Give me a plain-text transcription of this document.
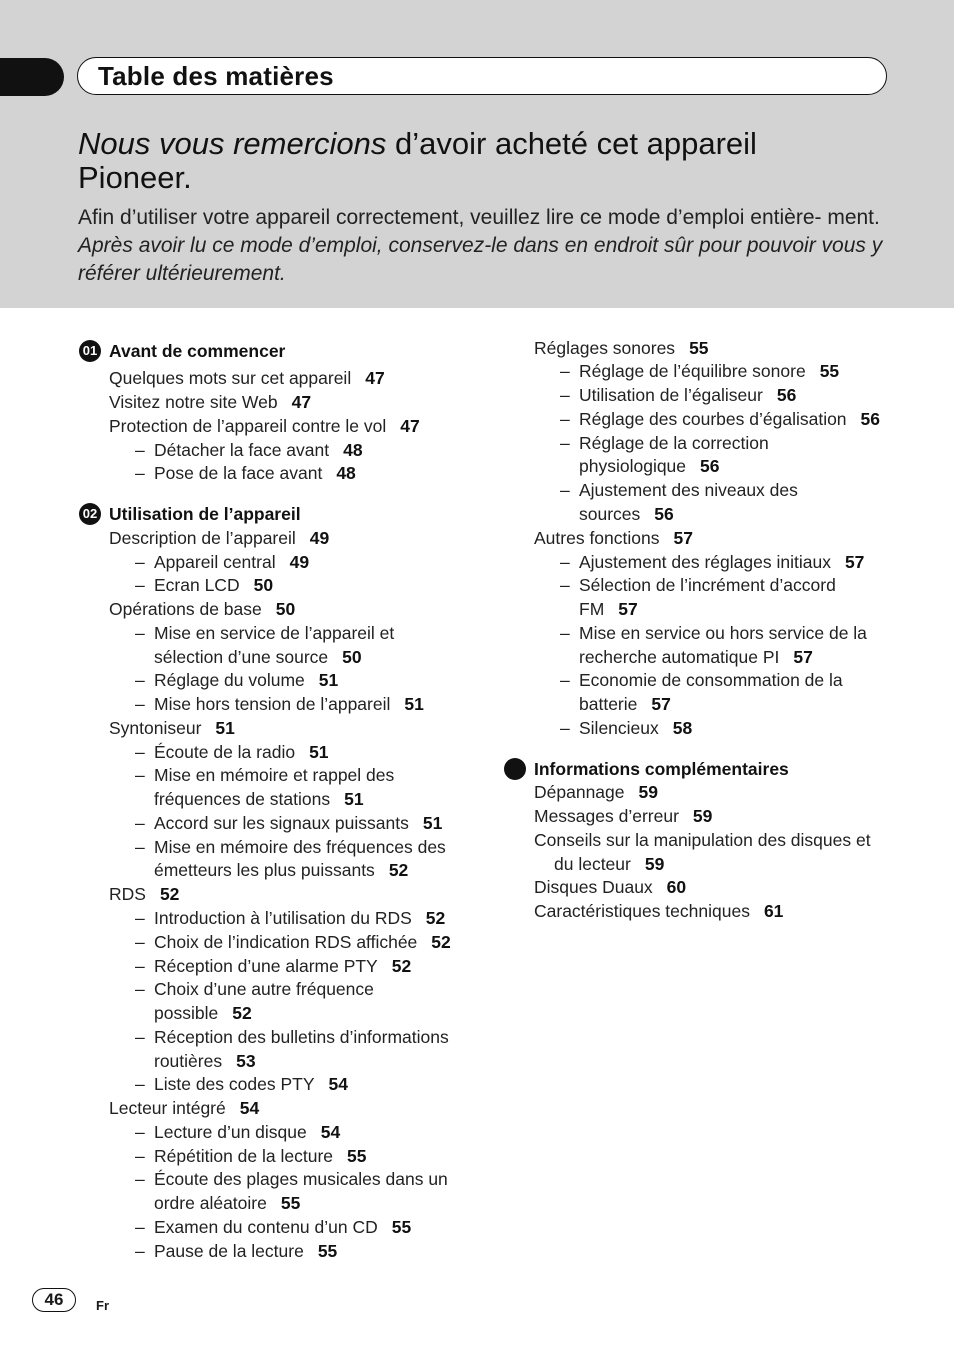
Table des matières
Nous vous remercions d’avoir acheté cet appareil
Pioneer.
Afin d’utiliser votre appareil correctement, veuillez lire ce mode d’emploi entière- ment. Après avoir lu ce mode d’emploi, conservez-le dans en endroit sûr pour pouvoir vous y référer ultérieurement.
01 Avant de commencer
Quelques mots sur cet appareil 47
Visitez notre site Web 47
Protection de l’appareil contre le vol 47
– Détacher la face avant 48
– Pose de la face avant 48
02 Utilisation de l’appareil
Description de l’appareil 49
– Appareil central 49
– Ecran LCD 50
Opérations de base 50
– Mise en service de l’appareil et
sélection d’une source 50
– Réglage du volume 51
– Mise hors tension de l’appareil 51
Syntoniseur 51
– Écoute de la radio 51
– Mise en mémoire et rappel des
fréquences de stations 51
– Accord sur les signaux puissants 51
– Mise en mémoire des fréquences des
émetteurs les plus puissants 52
RDS 52
– Introduction à l’utilisation du RDS 52
– Choix de l’indication RDS affichée 52
– Réception d’une alarme PTY 52
– Choix d’une autre fréquence
possible 52
– Réception des bulletins d’informations
routières 53
– Liste des codes PTY 54
Lecteur intégré 54
– Lecture d’un disque 54
– Répétition de la lecture 55
– Écoute des plages musicales dans un
ordre aléatoire 55
– Examen du contenu d’un CD 55
– Pause de la lecture 55
Réglages sonores 55
– Réglage de l’équilibre sonore 55
– Utilisation de l’égaliseur 56
– Réglage des courbes d’égalisation 56
– Réglage de la correction
physiologique 56
– Ajustement des niveaux des
sources 56
Autres fonctions 57
– Ajustement des réglages initiaux 57
– Sélection de l’incrément d’accord
FM 57
– Mise en service ou hors service de la
recherche automatique PI 57
– Economie de consommation de la
batterie 57
– Silencieux 58
Informations complémentaires
Dépannage 59
Messages d’erreur 59
Conseils sur la manipulation des disques et
du lecteur 59
Disques Duaux 60
Caractéristiques techniques 61
46	Fr
